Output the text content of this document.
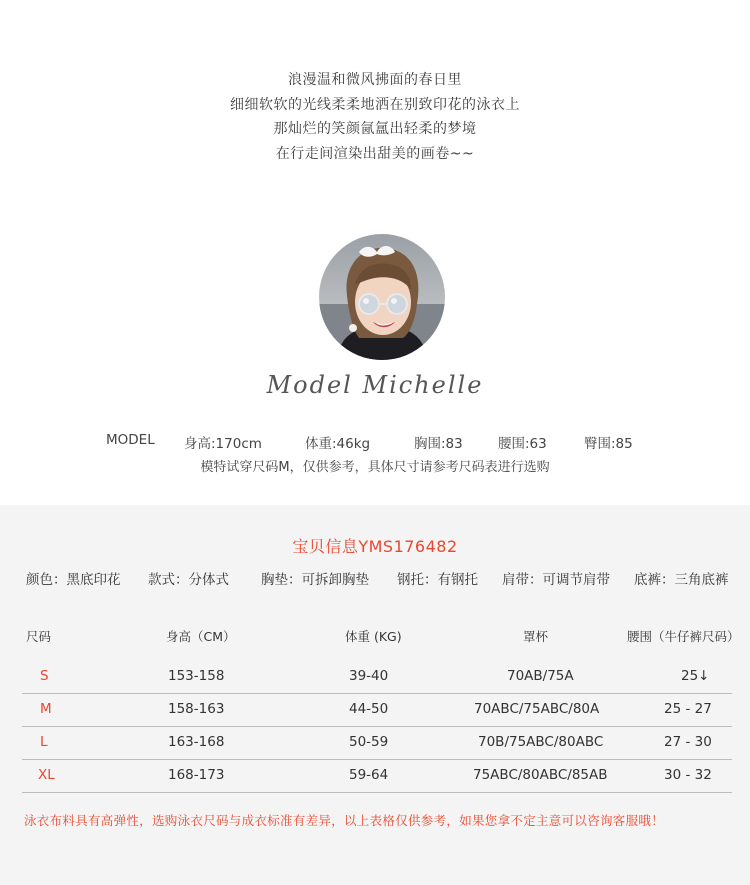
浪漫温和微风拂面的春日里
细细软软的光线柔柔地洒在别致印花的泳衣上
那灿烂的笑颜氤氲出轻柔的梦境
在行走间渲染出甜美的画卷~~
Model Michelle
MODEL 身高:170cm	体重:46kg	胸围:83	腰围:63	臀围:85
模特试穿尺码M，仅供参考，具体尺寸请参考尺码表进行选购
宝贝信息YMS176482
颜色：黑底印花 款式：分体式 胸垫：可拆卸胸垫 钢托：有钢托 肩带：可调节肩带 底裤：三角底裤
尺码	身高（CM）	体重 (KG)	罩杯	腰围（牛仔裤尺码）
S	153-158	39-40	70AB/75A	25↓
M	158-163	44-50	70ABC/75ABC/80A	25 - 27
L	163-168	50-59	70B/75ABC/80ABC	27 - 30
XL	168-173	59-64	75ABC/80ABC/85AB	30 - 32
泳衣布料具有高弹性，选购泳衣尺码与成衣标准有差异，以上表格仅供参考，如果您拿不定主意可以咨询客服哦！
